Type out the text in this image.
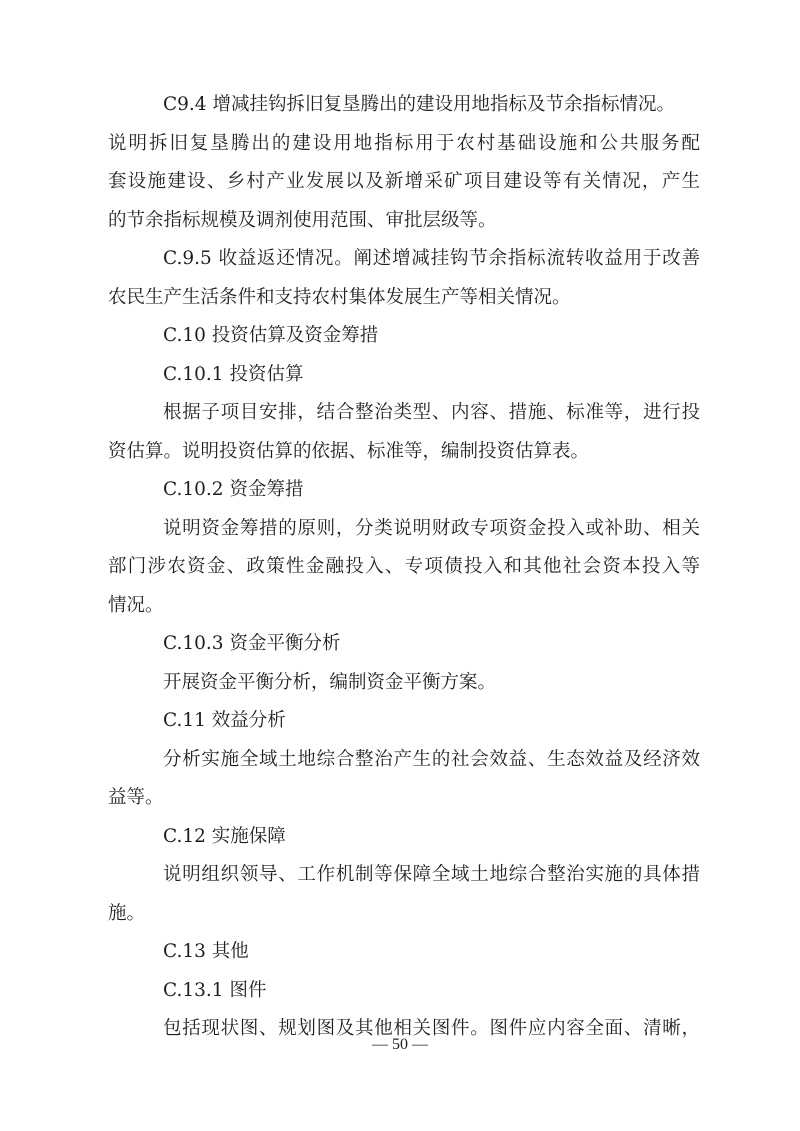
C9.4 增减挂钩拆旧复垦腾出的建设用地指标及节余指标情况。
说明拆旧复垦腾出的建设用地指标用于农村基础设施和公共服务配
套设施建设、乡村产业发展以及新增采矿项目建设等有关情况，产生
的节余指标规模及调剂使用范围、审批层级等。
C.9.5 收益返还情况。阐述增减挂钩节余指标流转收益用于改善
农民生产生活条件和支持农村集体发展生产等相关情况。
C.10 投资估算及资金筹措
C.10.1 投资估算
根据子项目安排，结合整治类型、内容、措施、标准等，进行投
资估算。说明投资估算的依据、标准等，编制投资估算表。
C.10.2 资金筹措
说明资金筹措的原则，分类说明财政专项资金投入或补助、相关
部门涉农资金、政策性金融投入、专项债投入和其他社会资本投入等
情况。
C.10.3 资金平衡分析
开展资金平衡分析，编制资金平衡方案。
C.11 效益分析
分析实施全域土地综合整治产生的社会效益、生态效益及经济效
益等。
C.12 实施保障
说明组织领导、工作机制等保障全域土地综合整治实施的具体措
施。
C.13 其他
C.13.1 图件
包括现状图、规划图及其他相关图件。图件应内容全面、清晰，
— 50 —
